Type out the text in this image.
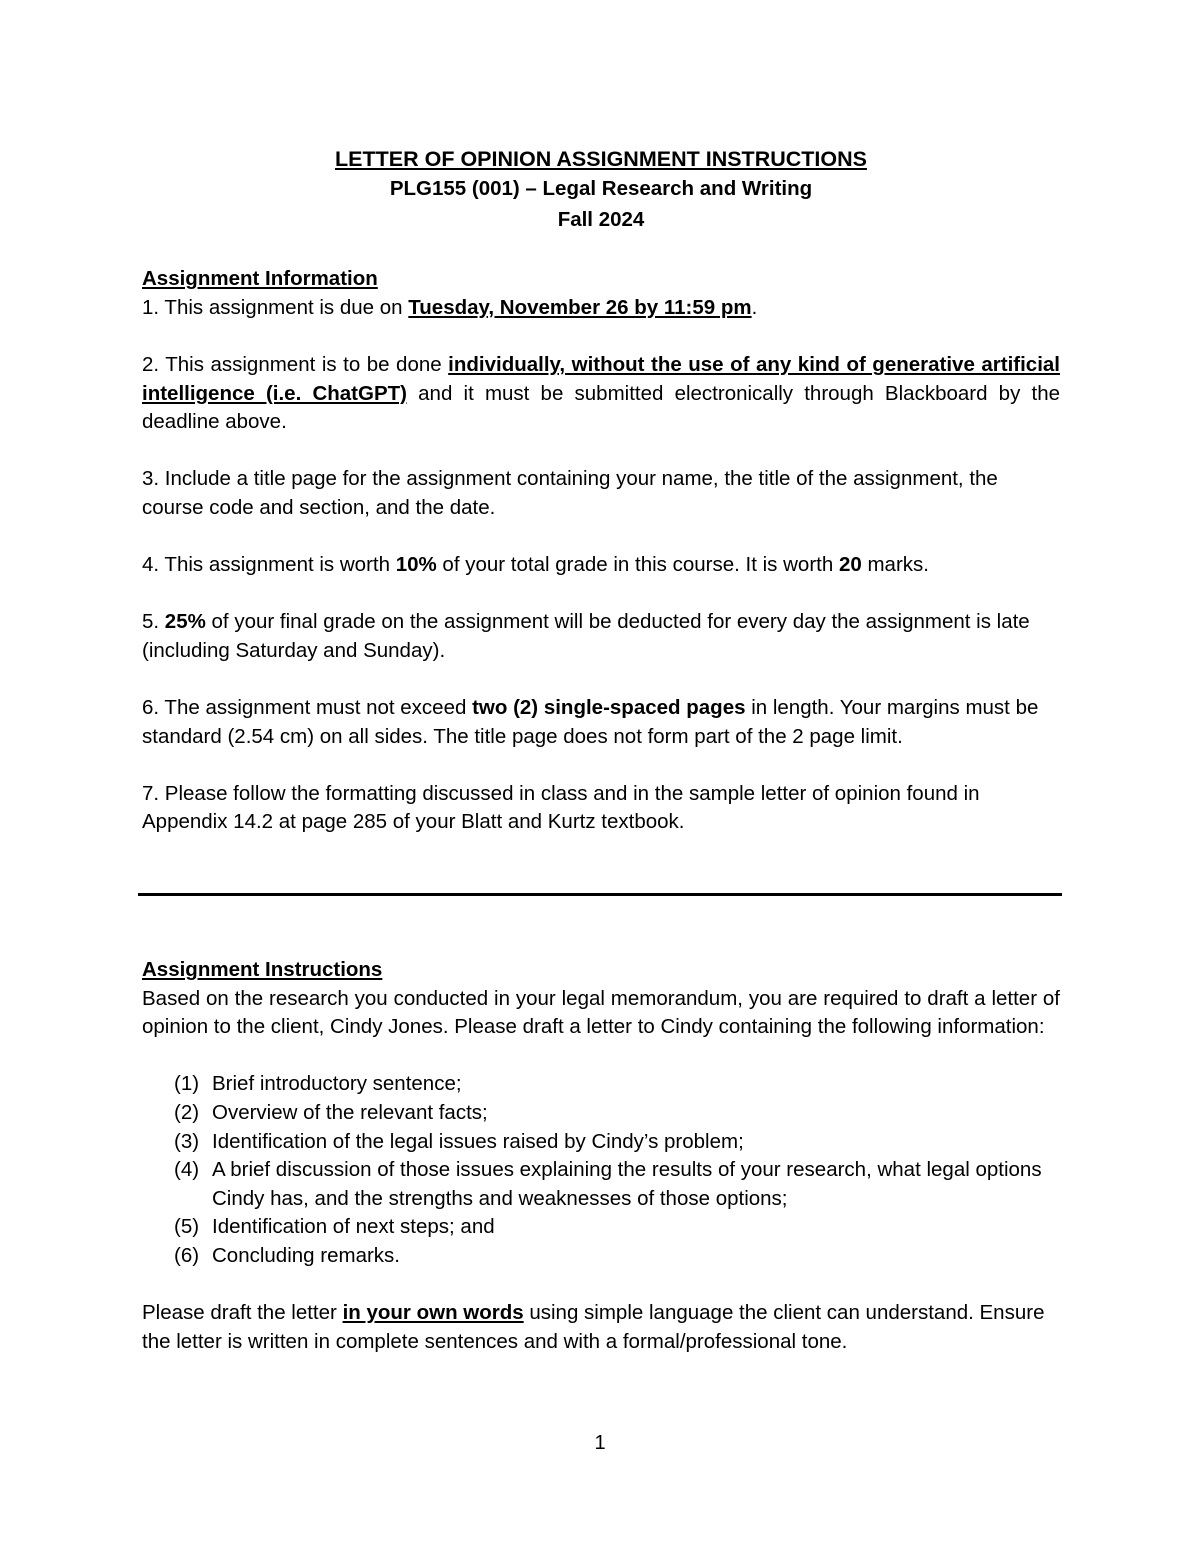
LETTER OF OPINION ASSIGNMENT INSTRUCTIONS
PLG155 (001) – Legal Research and Writing
Fall 2024
Assignment Information

1. This assignment is due on Tuesday, November 26 by 11:59 pm.

2. This assignment is to be done individually, without the use of any kind of generative artificial intelligence (i.e. ChatGPT) and it must be submitted electronically through Blackboard by the deadline above.

3. Include a title page for the assignment containing your name, the title of the assignment, the course code and section, and the date.

4. This assignment is worth 10% of your total grade in this course. It is worth 20 marks.

5. 25% of your final grade on the assignment will be deducted for every day the assignment is late (including Saturday and Sunday).

6. The assignment must not exceed two (2) single-spaced pages in length. Your margins must be standard (2.54 cm) on all sides. The title page does not form part of the 2 page limit.

7. Please follow the formatting discussed in class and in the sample letter of opinion found in Appendix 14.2 at page 285 of your Blatt and Kurtz textbook.

Assignment Instructions

Based on the research you conducted in your legal memorandum, you are required to draft a letter of opinion to the client, Cindy Jones. Please draft a letter to Cindy containing the following information:

(1) Brief introductory sentence;
(2) Overview of the relevant facts;
(3) Identification of the legal issues raised by Cindy’s problem;
(4) A brief discussion of those issues explaining the results of your research, what legal options Cindy has, and the strengths and weaknesses of those options;
(5) Identification of next steps; and
(6) Concluding remarks.

Please draft the letter in your own words using simple language the client can understand. Ensure the letter is written in complete sentences and with a formal/professional tone.

1
